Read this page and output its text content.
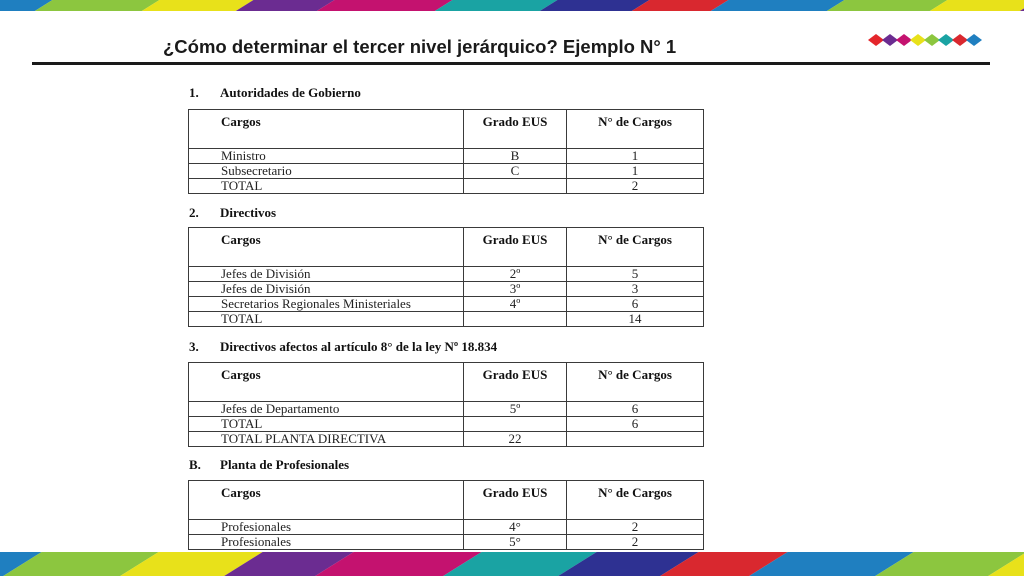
¿Cómo determinar el tercer nivel jerárquico? Ejemplo N° 1
1. Autoridades de Gobierno
Cargos	Grado EUS	N° de Cargos
Ministro	B	1
Subsecretario	C	1
TOTAL		2
2. Directivos
Cargos	Grado EUS	N° de Cargos
Jefes de División	2º	5
Jefes de División	3º	3
Secretarios Regionales Ministeriales	4º	6
TOTAL		14
3. Directivos afectos al artículo 8° de la ley Nº 18.834
Cargos	Grado EUS	N° de Cargos
Jefes de Departamento	5º	6
TOTAL		6
TOTAL PLANTA DIRECTIVA	22	
B. Planta de Profesionales
Cargos	Grado EUS	N° de Cargos
Profesionales	4°	2
Profesionales	5°	2
